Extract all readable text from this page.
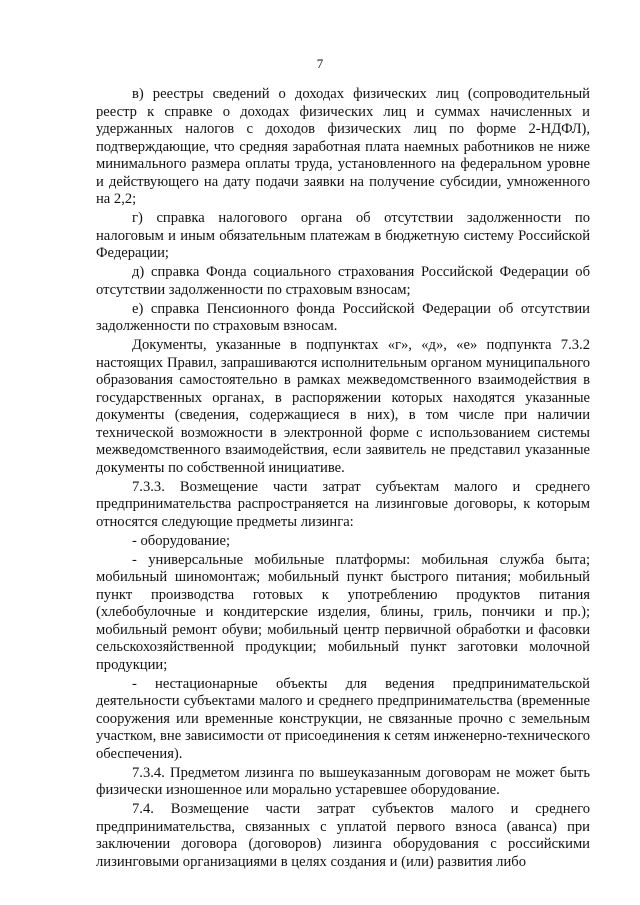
7

в) реестры сведений о доходах физических лиц (сопроводительный реестр к справке о доходах физических лиц и суммах начисленных и удержанных налогов с доходов физических лиц по форме 2-НДФЛ), подтверждающие, что средняя заработная плата наемных работников не ниже минимального размера оплаты труда, установленного на федеральном уровне и действующего на дату подачи заявки на получение субсидии, умноженного на 2,2;

г) справка налогового органа об отсутствии задолженности по налоговым и иным обязательным платежам в бюджетную систему Российской Федерации;

д) справка Фонда социального страхования Российской Федерации об отсутствии задолженности по страховым взносам;

е) справка Пенсионного фонда Российской Федерации об отсутствии задолженности по страховым взносам.

Документы, указанные в подпунктах «г», «д», «е» подпункта 7.3.2 настоящих Правил, запрашиваются исполнительным органом муниципального образования самостоятельно в рамках межведомственного взаимодействия в государственных органах, в распоряжении которых находятся указанные документы (сведения, содержащиеся в них), в том числе при наличии технической возможности в электронной форме с использованием системы межведомственного взаимодействия, если заявитель не представил указанные документы по собственной инициативе.

7.3.3. Возмещение части затрат субъектам малого и среднего предпринимательства распространяется на лизинговые договоры, к которым относятся следующие предметы лизинга:

- оборудование;

- универсальные мобильные платформы: мобильная служба быта; мобильный шиномонтаж; мобильный пункт быстрого питания; мобильный пункт производства готовых к употреблению продуктов питания (хлебобулочные и кондитерские изделия, блины, гриль, пончики и пр.); мобильный ремонт обуви; мобильный центр первичной обработки и фасовки сельскохозяйственной продукции; мобильный пункт заготовки молочной продукции;

- нестационарные объекты для ведения предпринимательской деятельности субъектами малого и среднего предпринимательства (временные сооружения или временные конструкции, не связанные прочно с земельным участком, вне зависимости от присоединения к сетям инженерно-технического обеспечения).

7.3.4. Предметом лизинга по вышеуказанным договорам не может быть физически изношенное или морально устаревшее оборудование.

7.4. Возмещение части затрат субъектов малого и среднего предпринимательства, связанных с уплатой первого взноса (аванса) при заключении договора (договоров) лизинга оборудования с российскими лизинговыми организациями в целях создания и (или) развития либо
